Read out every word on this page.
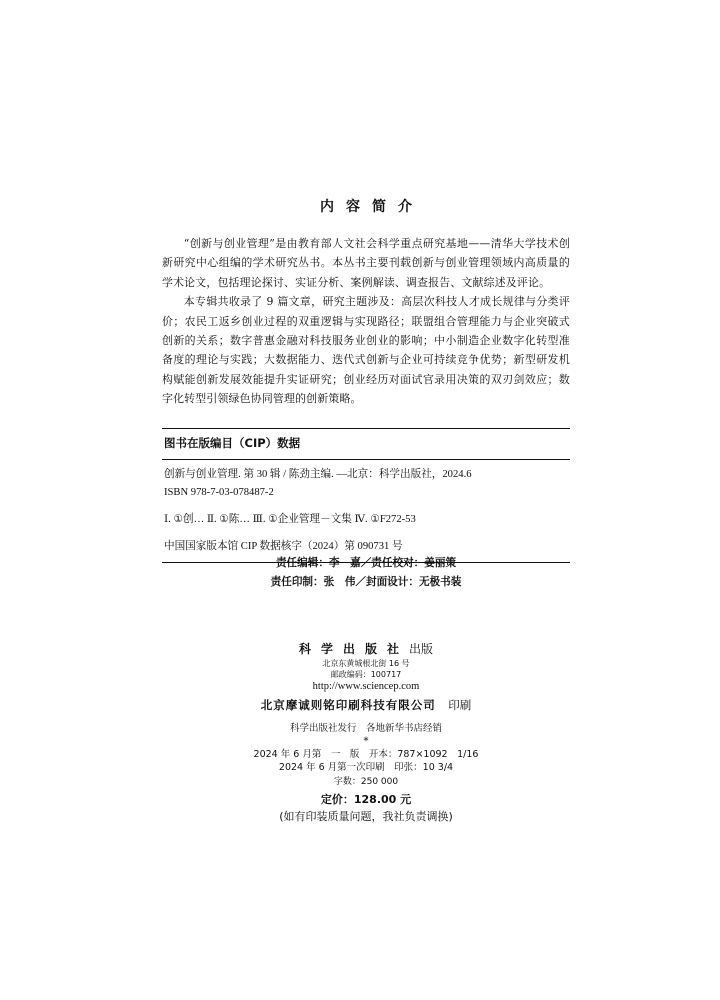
内容简介

“创新与创业管理”是由教育部人文社会科学重点研究基地——清华大学技术创新研究中心组编的学术研究丛书。本丛书主要刊载创新与创业管理领域内高质量的学术论文，包括理论探讨、实证分析、案例解读、调查报告、文献综述及评论。

本专辑共收录了 9 篇文章，研究主题涉及：高层次科技人才成长规律与分类评价；农民工返乡创业过程的双重逻辑与实现路径；联盟组合管理能力与企业突破式创新的关系；数字普惠金融对科技服务业创业的影响；中小制造企业数字化转型准备度的理论与实践；大数据能力、迭代式创新与企业可持续竞争优势；新型研发机构赋能创新发展效能提升实证研究；创业经历对面试官录用决策的双刃剑效应；数字化转型引领绿色协同管理的创新策略。

图书在版编目（CIP）数据
创新与创业管理. 第 30 辑 / 陈劲主编. —北京：科学出版社，2024.6
ISBN 978-7-03-078487-2
Ⅰ. ①创… Ⅱ. ①陈… Ⅲ. ①企业管理－文集 Ⅳ. ①F272-53
中国国家版本馆 CIP 数据核字（2024）第 090731 号
责任编辑：李　嘉／责任校对：姜丽策
责任印制：张　伟／封面设计：无极书装
科学出版社出版
北京东黄城根北街 16 号
邮政编码：100717
http://www.sciencep.com
北京摩诚则铭印刷科技有限公司　 印刷
科学出版社发行　各地新华书店经销
*
2024 年 6 月第　一　版　开本：787×1092　1/16
2024 年 6 月第一次印刷　印张：10 3/4
字数：250 000
定价：128.00 元
(如有印装质量问题，我社负责调换)
